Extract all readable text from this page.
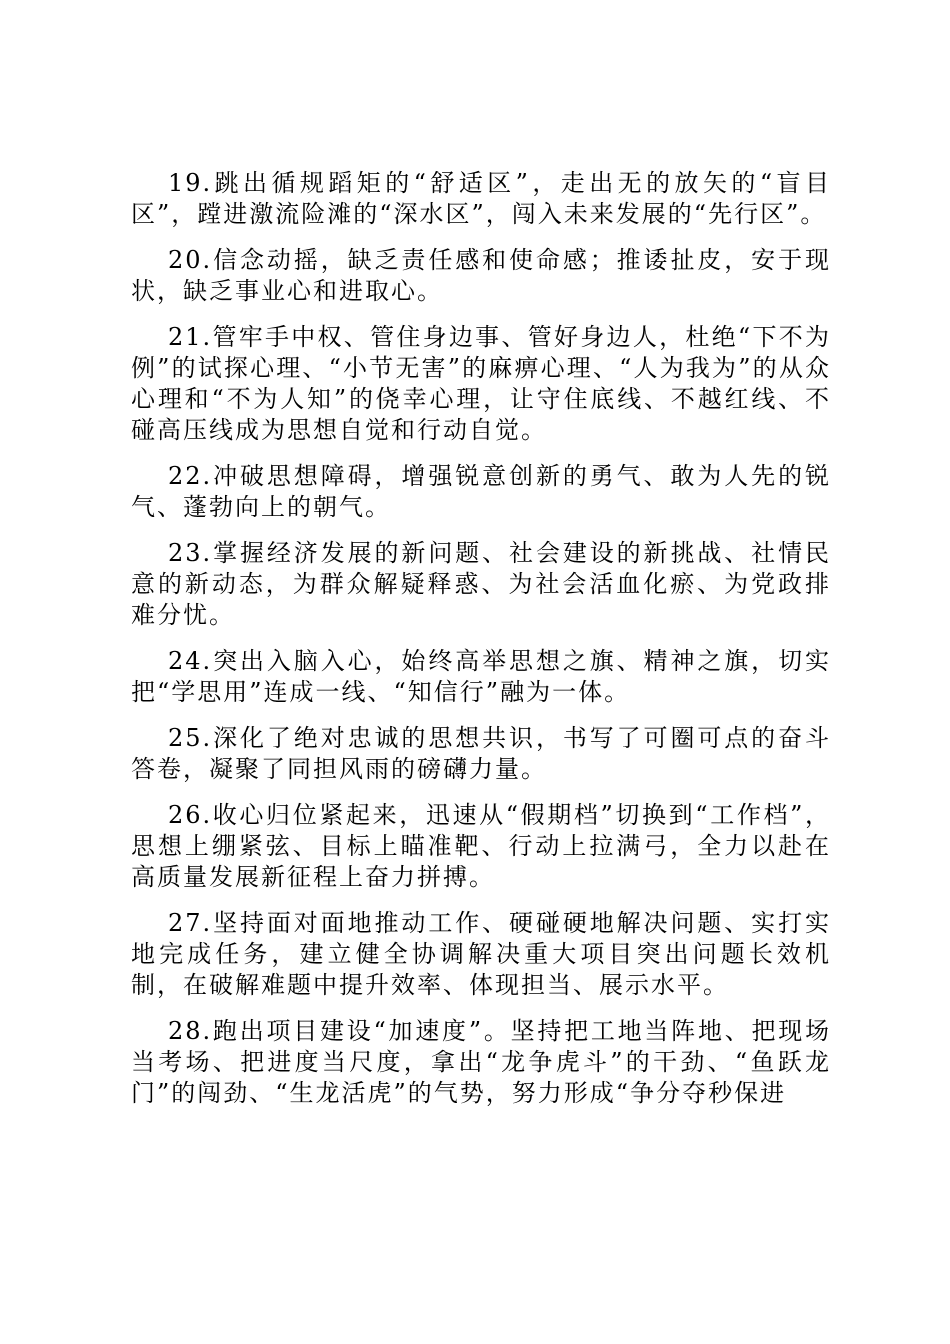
19.跳出循规蹈矩的“舒适区”，走出无的放矢的“盲目区”，蹚进激流险滩的“深水区”，闯入未来发展的“先行区”。

20.信念动摇，缺乏责任感和使命感；推诿扯皮，安于现状，缺乏事业心和进取心。

21.管牢手中权、管住身边事、管好身边人，杜绝“下不为例”的试探心理、“小节无害”的麻痹心理、“人为我为”的从众心理和“不为人知”的侥幸心理，让守住底线、不越红线、不碰高压线成为思想自觉和行动自觉。

22.冲破思想障碍，增强锐意创新的勇气、敢为人先的锐气、蓬勃向上的朝气。

23.掌握经济发展的新问题、社会建设的新挑战、社情民意的新动态，为群众解疑释惑、为社会活血化瘀、为党政排难分忧。

24.突出入脑入心，始终高举思想之旗、精神之旗，切实把“学思用”连成一线、“知信行”融为一体。

25.深化了绝对忠诚的思想共识，书写了可圈可点的奋斗答卷，凝聚了同担风雨的磅礴力量。

26.收心归位紧起来，迅速从“假期档”切换到“工作档”，思想上绷紧弦、目标上瞄准靶、行动上拉满弓，全力以赴在高质量发展新征程上奋力拼搏。

27.坚持面对面地推动工作、硬碰硬地解决问题、实打实地完成任务，建立健全协调解决重大项目突出问题长效机制，在破解难题中提升效率、体现担当、展示水平。

28.跑出项目建设“加速度”。坚持把工地当阵地、把现场当考场、把进度当尺度，拿出“龙争虎斗”的干劲、“鱼跃龙门”的闯劲、“生龙活虎”的气势，努力形成“争分夺秒保进
